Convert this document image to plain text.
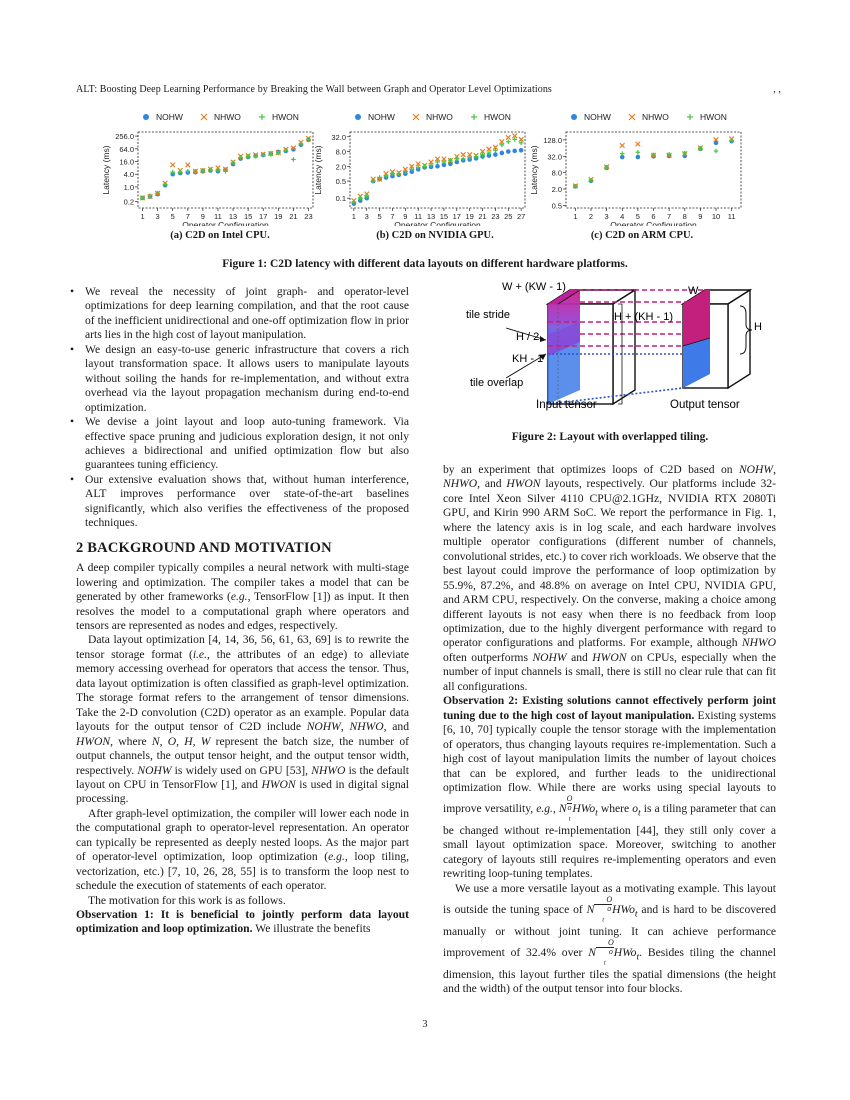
ALT: Boosting Deep Learning Performance by Breaking the Wall between Graph and Operator Level Optimizations	, ,
NOHW	NHWO	HWON
0.2
1.0
4.0
16.0
64.0
256.0
1 3 5 7 9 11 13 15 17 19 21 23
Operator Configuration
Latency (ms)
NOHW	NHWO	HWON
0.1
0.5
2.0
8.0
32.0
1 3 5 7 9 11 13 15 17 19 21 23 25 27
Operator Configuration
Latency (ms)
NOHW	NHWO	HWON
0.5
2.0
8.0
32.0
128.0
1 2 3 4 5 6 7 8 9 10 11
Operator Configuration
Latency (ms)
(a) C2D on Intel CPU.	(b) C2D on NVIDIA GPU.	(c) C2D on ARM CPU.
Figure 1: C2D latency with different data layouts on different hardware platforms.
• We reveal the necessity of joint graph- and operator-level optimizations for deep learning compilation, and that the root cause of the inefficient unidirectional and one-off optimization flow in prior arts lies in the high cost of layout manipulation.
• We design an easy-to-use generic infrastructure that covers a rich layout transformation space. It allows users to manipulate layouts without soiling the hands for re-implementation, and without extra overhead via the layout propagation mechanism during end-to-end optimization.
• We devise a joint layout and loop auto-tuning framework. Via effective space pruning and judicious exploration design, it not only achieves a bidirectional and unified optimization flow but also guarantees tuning efficiency.
• Our extensive evaluation shows that, without human interference, ALT improves performance over state-of-the-art baselines significantly, which also verifies the effectiveness of the proposed techniques.
2 BACKGROUND AND MOTIVATION

A deep compiler typically compiles a neural network with multi-stage lowering and optimization. The compiler takes a model that can be generated by other frameworks (e.g., TensorFlow [1]) as input. It then resolves the model to a computational graph where operators and tensors are represented as nodes and edges, respectively.

Data layout optimization [4, 14, 36, 56, 61, 63, 69] is to rewrite the tensor storage format (i.e., the attributes of an edge) to alleviate memory accessing overhead for operators that access the tensor. Thus, data layout optimization is often classified as graph-level optimization. The storage format refers to the arrangement of tensor dimensions. Take the 2-D convolution (C2D) operator as an example. Popular data layouts for the output tensor of C2D include NOHW, NHWO, and HWON, where N, O, H, W represent the batch size, the number of output channels, the output tensor height, and the output tensor width, respectively. NOHW is widely used on GPU [53], NHWO is the default layout on CPU in TensorFlow [1], and HWON is used in digital signal processing.

After graph-level optimization, the compiler will lower each node in the computational graph to operator-level representation. An operator can typically be represented as deeply nested loops. As the major part of operator-level optimization, loop optimization (e.g., loop tiling, vectorization, etc.) [7, 10, 26, 28, 55] is to transform the loop nest to schedule the execution of statements of each operator.

The motivation for this work is as follows.

Observation 1: It is beneficial to jointly perform data layout optimization and loop optimization. We illustrate the benefits

W + (KW - 1)	W
H + (KH - 1)
H
H / 2
KH - 1
tile stride
tile overlap
Input tensor	Output tensor
Figure 2: Layout with overlapped tiling.

by an experiment that optimizes loops of C2D based on NOHW, NHWO, and HWON layouts, respectively. Our platforms include 32-core Intel Xeon Silver 4110 CPU@2.1GHz, NVIDIA RTX 2080Ti GPU, and Kirin 990 ARM SoC. We report the performance in Fig. 1, where the latency axis is in log scale, and each hardware involves multiple operator configurations (different number of channels, convolutional strides, etc.) to cover rich workloads. We observe that the best layout could improve the performance of loop optimization by 55.9%, 87.2%, and 48.8% on average on Intel CPU, NVIDIA GPU, and ARM CPU, respectively. On the converse, making a choice among different layouts is not easy when there is no feedback from loop optimization, due to the highly divergent performance with regard to operator configurations and platforms. For example, although NHWO often outperforms NOHW and HWON on CPUs, especially when the number of input channels is small, there is still no clear rule that can fit all configurations.

Observation 2: Existing solutions cannot effectively perform joint tuning due to the high cost of layout manipulation. Existing systems [6, 10, 70] typically couple the tensor storage with the implementation of operators, thus changing layouts requires re-implementation. Such a high cost of layout manipulation limits the number of layout choices that can be explored, and further leads to the unidirectional optimization flow. While there are works using special layouts to improve versatility, e.g., N O
o
$_t$ HWo$_t$ where $o_t$ is a tiling parameter that can be changed without re-implementation [44], they still only cover a small layout optimization space. Moreover, switching to another category of layouts still requires re-implementing operators and even rewriting loop-tuning templates.

We use a more versatile layout as a motivating example. This layout is outside the tuning space of N O
o
$_t$ HWo$_t$ and is hard to be discovered manually or without joint tuning. It can achieve performance improvement of 32.4% over N O
o
$_t$ HWo$_t$. Besides tiling the channel dimension, this layout further tiles the spatial dimensions (the height and the width) of the output tensor into four blocks.

3
